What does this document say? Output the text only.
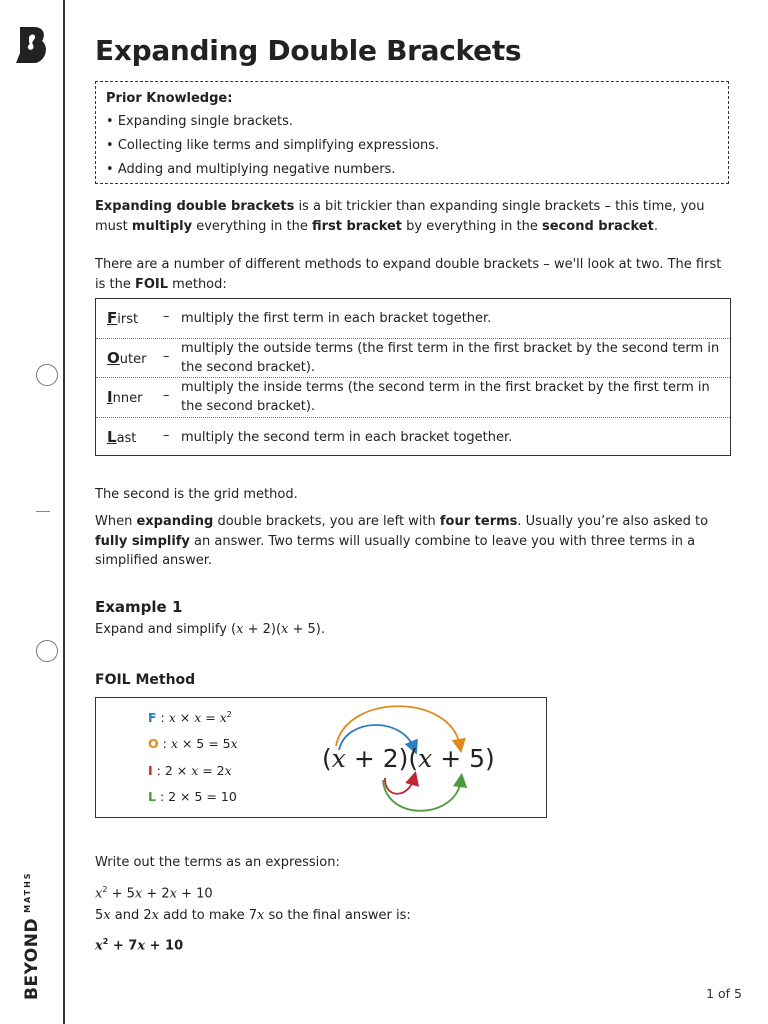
$BEYOND^{MATHS}$
Expanding Double Brackets
Prior Knowledge:
• Expanding single brackets.
• Collecting like terms and simplifying expressions.
• Adding and multiplying negative numbers.
Expanding double brackets is a bit trickier than expanding single brackets – this time, you must multiply everything in the first bracket by everything in the second bracket.
There are a number of different methods to expand double brackets – we'll look at two. The first is the FOIL method:
First – multiply the first term in each bracket together.
Outer –
multiply the outside terms (the first term in the first bracket by the second term in the second bracket).
Inner –
multiply the inside terms (the second term in the first bracket by the first term in the second bracket).
Last – multiply the second term in each bracket together.
The second is the grid method.
When expanding double brackets, you are left with four terms. Usually you’re also asked to fully simplify an answer. Two terms will usually combine to leave you with three terms in a simplified answer.
Example 1
Expand and simplify (x + 2)(x + 5).
FOIL Method
F : $x \times x = x^2$
O : x × 5 = 5x
I : 2 × x = 2x
L : 2 × 5 = 10
(x + 2)(x + 5)
Write out the terms as an expression:
$x^2 + 5x + 2x + 10$
5x and 2x add to make 7x so the final answer is:
$x^2 + 7x + 10$
1 of 5
